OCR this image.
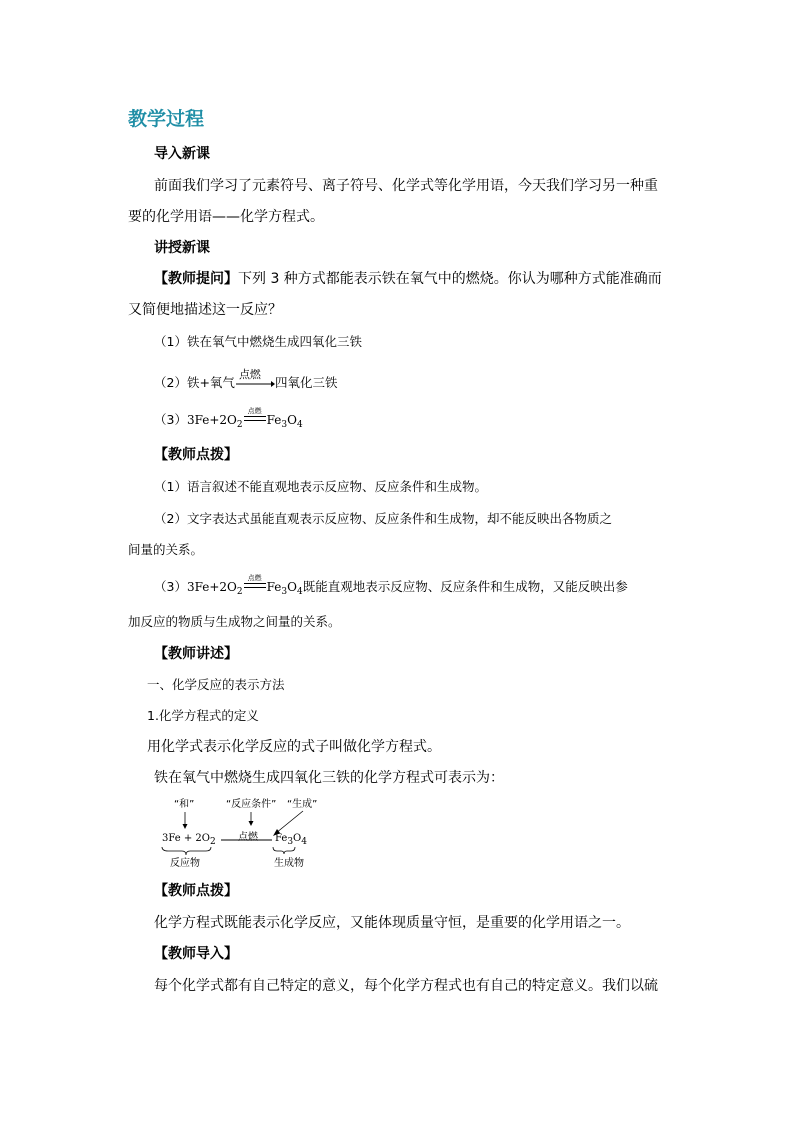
教学过程
导入新课
前面我们学习了元素符号、离子符号、化学式等化学用语，今天我们学习另一种重
要的化学用语——化学方程式。
讲授新课
【教师提问】下列 3 种方式都能表示铁在氧气中的燃烧。你认为哪种方式能准确而
又简便地描述这一反应？
（1）铁在氧气中燃烧生成四氧化三铁
（2）铁+氧气
点燃
四氧化三铁
$(3)3Fe+2O_2$
点燃
$Fe_3O_4$
【教师点拨】
（1）语言叙述不能直观地表示反应物、反应条件和生成物。
（2）文字表达式虽能直观表示反应物、反应条件和生成物，却不能反映出各物质之
间量的关系。
$(3)3Fe+2O_2$
点燃
$Fe_3O_4$既能直观地表示反应物、反应条件和生成物，又能反映出参
加反应的物质与生成物之间量的关系。
【教师讲述】
一、化学反应的表示方法
1.化学方程式的定义
用化学式表示化学反应的式子叫做化学方程式。
铁在氧气中燃烧生成四氧化三铁的化学方程式可表示为：
“和”	“反应条件” “生成”
点燃
$3Fe + 2O_2$	$Fe_3O_4$
反应物	生成物
【教师点拨】
化学方程式既能表示化学反应，又能体现质量守恒，是重要的化学用语之一。
【教师导入】
每个化学式都有自己特定的意义，每个化学方程式也有自己的特定意义。我们以硫
